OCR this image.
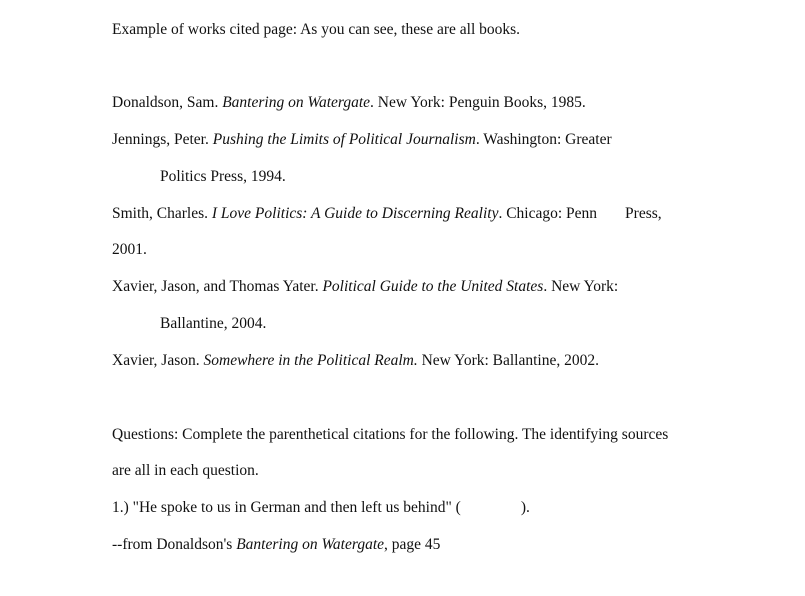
Example of works cited page: As you can see, these are all books.
Donaldson, Sam. Bantering on Watergate. New York: Penguin Books, 1985.
Jennings, Peter. Pushing the Limits of Political Journalism. Washington: Greater
Politics Press, 1994.
Smith, Charles. I Love Politics: A Guide to Discerning Reality. Chicago: Penn Press,
2001.
Xavier, Jason, and Thomas Yater. Political Guide to the United States. New York:
Ballantine, 2004.
Xavier, Jason. Somewhere in the Political Realm. New York: Ballantine, 2002.
Questions: Complete the parenthetical citations for the following. The identifying sources
are all in each question.
1.) "He spoke to us in German and then left us behind" (	).
--from Donaldson's Bantering on Watergate, page 45
